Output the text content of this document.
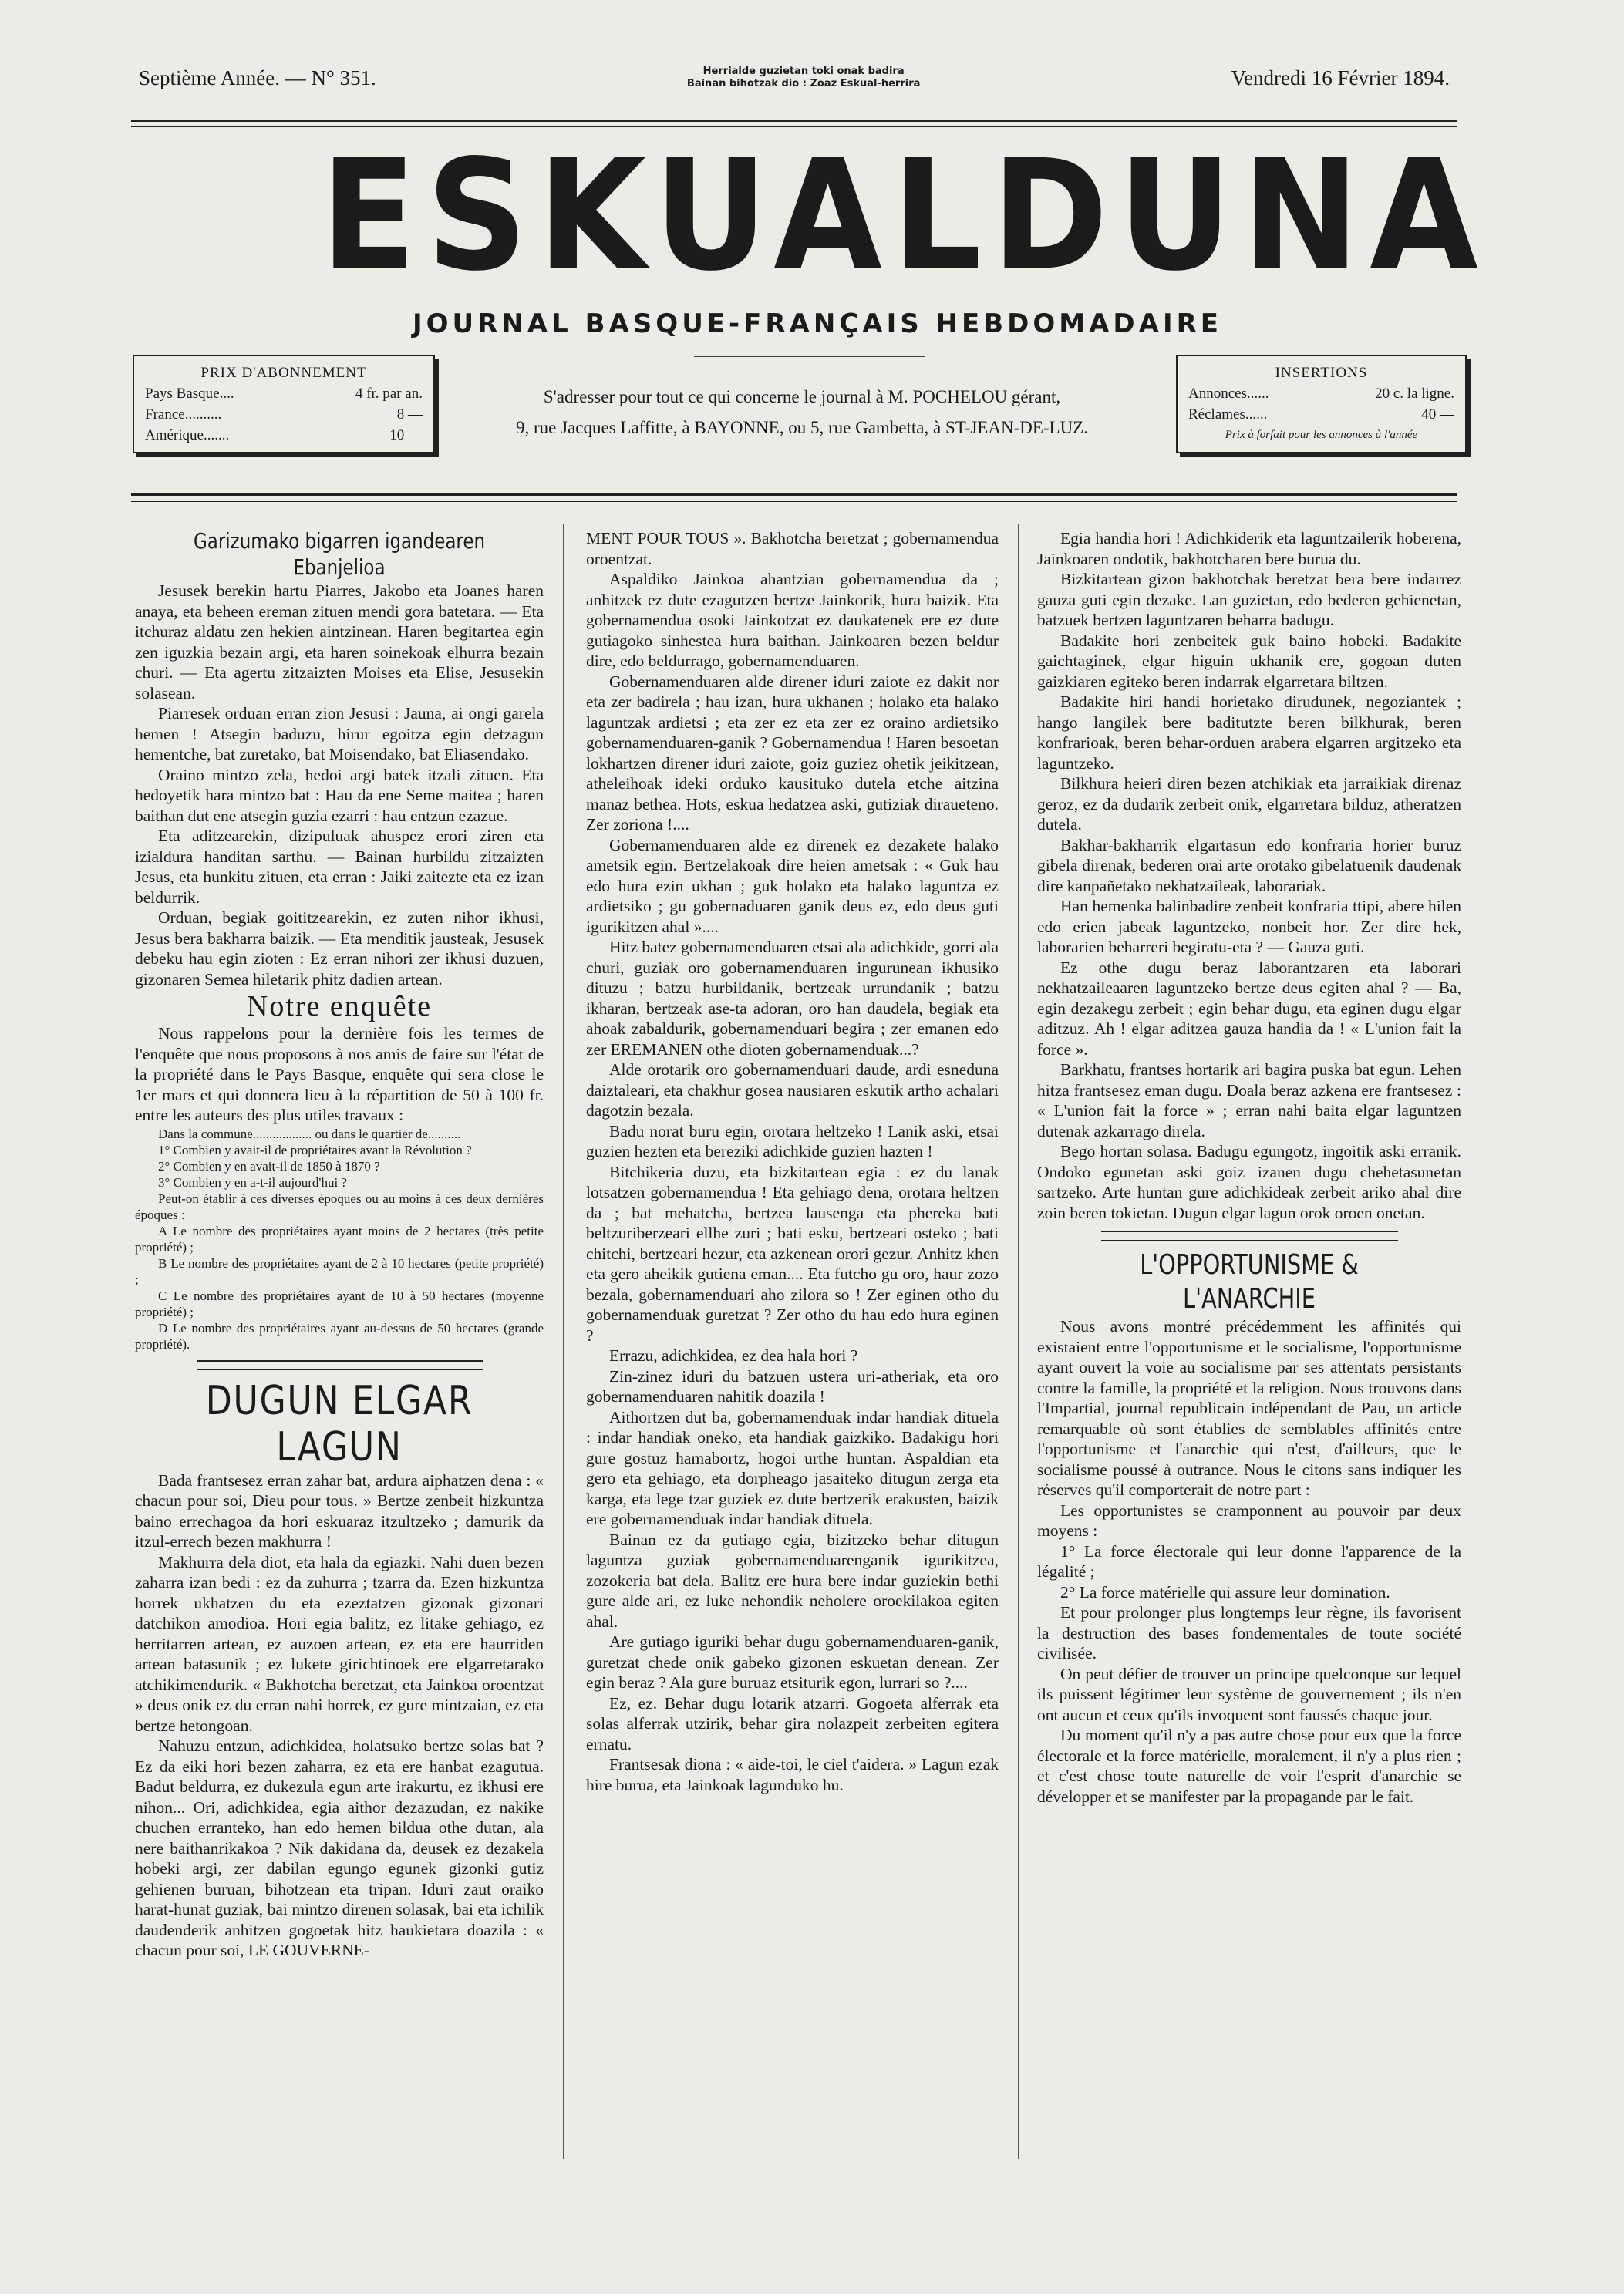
Septième Année. — N° 351.	Herrialde guzietan toki onak badira
Bainan bihotzak dio : Zoaz Eskual-herrira	Vendredi 16 Février 1894.
ESKUALDUNA
JOURNAL BASQUE-FRANÇAIS HEBDOMADAIRE
PRIX D'ABONNEMENT
Pays Basque....	4 fr. par an.
France..........	8 —
Amérique.......	10 —
S'adresser pour tout ce qui concerne le journal à M. POCHELOU gérant,
9, rue Jacques Laffitte, à BAYONNE, ou 5, rue Gambetta, à ST-JEAN-DE-LUZ.
INSERTIONS
Annonces......	20 c. la ligne.
Réclames......	40 —
Prix à forfait pour les annonces à l'année
Garizumako bigarren igandearen Ebanjelioa

Jesusek berekin hartu Piarres, Jakobo eta Joanes haren anaya, eta beheen ereman zituen mendi gora batetara. — Eta itchuraz aldatu zen hekien aintzinean. Haren begitartea egin zen iguzkia bezain argi, eta haren soinekoak elhurra bezain churi. — Eta agertu zitzaizten Moises eta Elise, Jesusekin solasean.

Piarresek orduan erran zion Jesusi : Jauna, ai ongi garela hemen ! Atsegin baduzu, hirur egoitza egin detzagun hementche, bat zuretako, bat Moisendako, bat Eliasendako.

Oraino mintzo zela, hedoi argi batek itzali zituen. Eta hedoyetik hara mintzo bat : Hau da ene Seme maitea ; haren baithan dut ene atsegin guzia ezarri : hau entzun ezazue.

Eta aditzearekin, dizipuluak ahuspez erori ziren eta izialdura handitan sarthu. — Bainan hurbildu zitzaizten Jesus, eta hunkitu zituen, eta erran : Jaiki zaitezte eta ez izan beldurrik.

Orduan, begiak goititzearekin, ez zuten nihor ikhusi, Jesus bera bakharra baizik. — Eta menditik jausteak, Jesusek debeku hau egin zioten : Ez erran nihori zer ikhusi duzuen, gizonaren Semea hiletarik phitz dadien artean.

Notre enquête

Nous rappelons pour la dernière fois les termes de l'enquête que nous proposons à nos amis de faire sur l'état de la propriété dans le Pays Basque, enquête qui sera close le 1er mars et qui donnera lieu à la répartition de 50 à 100 fr. entre les auteurs des plus utiles travaux :

Dans la commune.................. ou dans le quartier de..........

1° Combien y avait-il de propriétaires avant la Révolution ?

2° Combien y en avait-il de 1850 à 1870 ?

3° Combien y en a-t-il aujourd'hui ?

Peut-on établir à ces diverses époques ou au moins à ces deux dernières époques :

A Le nombre des propriétaires ayant moins de 2 hectares (très petite propriété) ;

B Le nombre des propriétaires ayant de 2 à 10 hectares (petite propriété) ;

C Le nombre des propriétaires ayant de 10 à 50 hectares (moyenne propriété) ;

D Le nombre des propriétaires ayant au-dessus de 50 hectares (grande propriété).

DUGUN ELGAR LAGUN

Bada frantsesez erran zahar bat, ardura aiphatzen dena : « chacun pour soi, Dieu pour tous. » Bertze zenbeit hizkuntza baino errechagoa da hori eskuaraz itzultzeko ; damurik da itzul-errech bezen makhurra !

Makhurra dela diot, eta hala da egiazki. Nahi duen bezen zaharra izan bedi : ez da zuhurra ; tzarra da. Ezen hizkuntza horrek ukhatzen du eta ezeztatzen gizonak gizonari datchikon amodioa. Hori egia balitz, ez litake gehiago, ez herritarren artean, ez auzoen artean, ez eta ere haurriden artean batasunik ; ez lukete girichtinoek ere elgarretarako atchikimendurik. « Bakhotcha beretzat, eta Jainkoa oroentzat » deus onik ez du erran nahi horrek, ez gure mintzaian, ez eta bertze hetongoan.

Nahuzu entzun, adichkidea, holatsuko bertze solas bat ? Ez da eiki hori bezen zaharra, ez eta ere hanbat ezagutua. Badut beldurra, ez dukezula egun arte irakurtu, ez ikhusi ere nihon... Ori, adichkidea, egia aithor dezazudan, ez nakike chuchen erranteko, han edo hemen bildua othe dutan, ala nere baithanrikakoa ? Nik dakidana da, deusek ez dezakela hobeki argi, zer dabilan egungo egunek gizonki gutiz gehienen buruan, bihotzean eta tripan. Iduri zaut oraiko harat-hunat guziak, bai mintzo direnen solasak, bai eta ichilik daudenderik anhitzen gogoetak hitz haukietara doazila : « chacun pour soi, LE GOUVERNE-

MENT POUR TOUS ». Bakhotcha beretzat ; gobernamendua oroentzat.

Aspaldiko Jainkoa ahantzian gobernamendua da ; anhitzek ez dute ezagutzen bertze Jainkorik, hura baizik. Eta gobernamendua osoki Jainkotzat ez daukatenek ere ez dute gutiagoko sinhestea hura baithan. Jainkoaren bezen beldur dire, edo beldurrago, gobernamenduaren.

Gobernamenduaren alde direner iduri zaiote ez dakit nor eta zer badirela ; hau izan, hura ukhanen ; holako eta halako laguntzak ardietsi ; eta zer ez eta zer ez oraino ardietsiko gobernamenduaren-ganik ? Gobernamendua ! Haren besoetan lokhartzen direner iduri zaiote, goiz guziez ohetik jeikitzean, atheleihoak ideki orduko kausituko dutela etche aitzina manaz bethea. Hots, eskua hedatzea aski, gutiziak diraueteno. Zer zoriona !....

Gobernamenduaren alde ez direnek ez dezakete halako ametsik egin. Bertzelakoak dire heien ametsak : « Guk hau edo hura ezin ukhan ; guk holako eta halako laguntza ez ardietsiko ; gu gobernaduaren ganik deus ez, edo deus guti igurikitzen ahal »....

Hitz batez gobernamenduaren etsai ala adichkide, gorri ala churi, guziak oro gobernamenduaren ingurunean ikhusiko dituzu ; batzu hurbildanik, bertzeak urrundanik ; batzu ikharan, bertzeak ase-ta adoran, oro han daudela, begiak eta ahoak zabaldurik, gobernamenduari begira ; zer emanen edo zer EREMANEN othe dioten gobernamenduak...?

Alde orotarik oro gobernamenduari daude, ardi esneduna daiztaleari, eta chakhur gosea nausiaren eskutik artho achalari dagotzin bezala.

Badu norat buru egin, orotara heltzeko ! Lanik aski, etsai guzien hezten eta bereziki adichkide guzien hazten !

Bitchikeria duzu, eta bizkitartean egia : ez du lanak lotsatzen gobernamendua ! Eta gehiago dena, orotara heltzen da ; bat mehatcha, bertzea lausenga eta phereka bati beltzuriberzeari ellhe zuri ; bati esku, bertzeari osteko ; bati chitchi, bertzeari hezur, eta azkenean orori gezur. Anhitz khen eta gero aheikik gutiena eman.... Eta futcho gu oro, haur zozo bezala, gobernamenduari aho zilora so ! Zer eginen otho du gobernamenduak guretzat ? Zer otho du hau edo hura eginen ?

Errazu, adichkidea, ez dea hala hori ?

Zin-zinez iduri du batzuen ustera uri-atheriak, eta oro gobernamenduaren nahitik doazila !

Aithortzen dut ba, gobernamenduak indar handiak dituela : indar handiak oneko, eta handiak gaizkiko. Badakigu hori gure gostuz hamabortz, hogoi urthe huntan. Aspaldian eta gero eta gehiago, eta dorpheago jasaiteko ditugun zerga eta karga, eta lege tzar guziek ez dute bertzerik erakusten, baizik ere gobernamenduak indar handiak dituela.

Bainan ez da gutiago egia, bizitzeko behar ditugun laguntza guziak gobernamenduarenganik igurikitzea, zozokeria bat dela. Balitz ere hura bere indar guziekin bethi gure alde ari, ez luke nehondik neholere oroekilakoa egiten ahal.

Are gutiago iguriki behar dugu gobernamenduaren-ganik, guretzat chede onik gabeko gizonen eskuetan denean. Zer egin beraz ? Ala gure buruaz etsiturik egon, lurrari so ?....

Ez, ez. Behar dugu lotarik atzarri. Gogoeta alferrak eta solas alferrak utzirik, behar gira nolazpeit zerbeiten egitera ernatu.

Frantsesak diona : « aide-toi, le ciel t'aidera. » Lagun ezak hire burua, eta Jainkoak lagunduko hu.

Egia handia hori ! Adichkiderik eta laguntzailerik hoberena, Jainkoaren ondotik, bakhotcharen bere burua du.

Bizkitartean gizon bakhotchak beretzat bera bere indarrez gauza guti egin dezake. Lan guzietan, edo bederen gehienetan, batzuek bertzen laguntzaren beharra badugu.

Badakite hori zenbeitek guk baino hobeki. Badakite gaichtaginek, elgar higuin ukhanik ere, gogoan duten gaizkiaren egiteko beren indarrak elgarretara biltzen.

Badakite hiri handi horietako dirudunek, negoziantek ; hango langilek bere baditutzte beren bilkhurak, beren konfrarioak, beren behar-orduen arabera elgarren argitzeko eta laguntzeko.

Bilkhura heieri diren bezen atchikiak eta jarraikiak direnaz geroz, ez da dudarik zerbeit onik, elgarretara bilduz, atheratzen dutela.

Bakhar-bakharrik elgartasun edo konfraria horier buruz gibela direnak, bederen orai arte orotako gibelatuenik daudenak dire kanpañetako nekhatzaileak, laborariak.

Han hemenka balinbadire zenbeit konfraria ttipi, abere hilen edo erien jabeak laguntzeko, nonbeit hor. Zer dire hek, laborarien beharreri begiratu-eta ? — Gauza guti.

Ez othe dugu beraz laborantzaren eta laborari nekhatzaileaaren laguntzeko bertze deus egiten ahal ? — Ba, egin dezakegu zerbeit ; egin behar dugu, eta eginen dugu elgar aditzuz. Ah ! elgar aditzea gauza handia da ! « L'union fait la force ».

Barkhatu, frantses hortarik ari bagira puska bat egun. Lehen hitza frantsesez eman dugu. Doala beraz azkena ere frantsesez : « L'union fait la force » ; erran nahi baita elgar laguntzen dutenak azkarrago direla.

Bego hortan solasa. Badugu egungotz, ingoitik aski erranik. Ondoko egunetan aski goiz izanen dugu chehetasunetan sartzeko. Arte huntan gure adichkideak zerbeit ariko ahal dire zoin beren tokietan. Dugun elgar lagun orok oroen onetan.

L'OPPORTUNISME & L'ANARCHIE

Nous avons montré précédemment les affinités qui existaient entre l'opportunisme et le socialisme, l'opportunisme ayant ouvert la voie au socialisme par ses attentats persistants contre la famille, la propriété et la religion. Nous trouvons dans l'Impartial, journal republicain indépendant de Pau, un article remarquable où sont établies de semblables affinités entre l'opportunisme et l'anarchie qui n'est, d'ailleurs, que le socialisme poussé à outrance. Nous le citons sans indiquer les réserves qu'il comporterait de notre part :

Les opportunistes se cramponnent au pouvoir par deux moyens :

1° La force électorale qui leur donne l'apparence de la légalité ;

2° La force matérielle qui assure leur domination.

Et pour prolonger plus longtemps leur règne, ils favorisent la destruction des bases fondementales de toute société civilisée.

On peut défier de trouver un principe quelconque sur lequel ils puissent légitimer leur système de gouvernement ; ils n'en ont aucun et ceux qu'ils invoquent sont faussés chaque jour.

Du moment qu'il n'y a pas autre chose pour eux que la force électorale et la force matérielle, moralement, il n'y a plus rien ; et c'est chose toute naturelle de voir l'esprit d'anarchie se développer et se manifester par la propagande par le fait.
